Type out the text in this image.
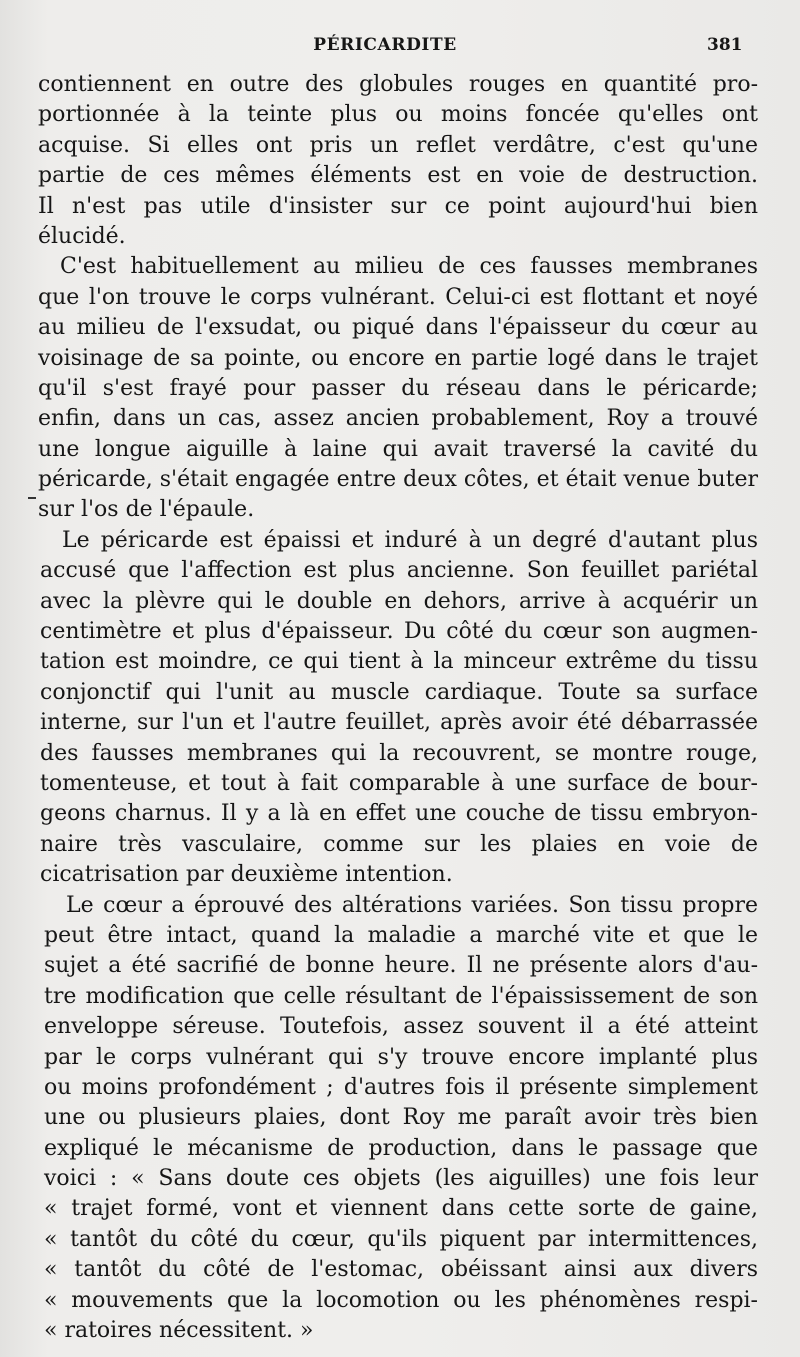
PÉRICARDITE	381
contiennent en outre des globules rouges en quantité pro-
portionnée à la teinte plus ou moins foncée qu'elles ont
acquise. Si elles ont pris un reflet verdâtre, c'est qu'une
partie de ces mêmes éléments est en voie de destruction.
Il n'est pas utile d'insister sur ce point aujourd'hui bien
élucidé.
C'est habituellement au milieu de ces fausses membranes
que l'on trouve le corps vulnérant. Celui-ci est flottant et noyé
au milieu de l'exsudat, ou piqué dans l'épaisseur du cœur au
voisinage de sa pointe, ou encore en partie logé dans le trajet
qu'il s'est frayé pour passer du réseau dans le péricarde;
enfin, dans un cas, assez ancien probablement, Roy a trouvé
une longue aiguille à laine qui avait traversé la cavité du
péricarde, s'était engagée entre deux côtes, et était venue buter
sur l'os de l'épaule.
Le péricarde est épaissi et induré à un degré d'autant plus
accusé que l'affection est plus ancienne. Son feuillet pariétal
avec la plèvre qui le double en dehors, arrive à acquérir un
centimètre et plus d'épaisseur. Du côté du cœur son augmen-
tation est moindre, ce qui tient à la minceur extrême du tissu
conjonctif qui l'unit au muscle cardiaque. Toute sa surface
interne, sur l'un et l'autre feuillet, après avoir été débarrassée
des fausses membranes qui la recouvrent, se montre rouge,
tomenteuse, et tout à fait comparable à une surface de bour-
geons charnus. Il y a là en effet une couche de tissu embryon-
naire très vasculaire, comme sur les plaies en voie de
cicatrisation par deuxième intention.
Le cœur a éprouvé des altérations variées. Son tissu propre
peut être intact, quand la maladie a marché vite et que le
sujet a été sacrifié de bonne heure. Il ne présente alors d'au-
tre modification que celle résultant de l'épaississement de son
enveloppe séreuse. Toutefois, assez souvent il a été atteint
par le corps vulnérant qui s'y trouve encore implanté plus
ou moins profondément ; d'autres fois il présente simplement
une ou plusieurs plaies, dont Roy me paraît avoir très bien
expliqué le mécanisme de production, dans le passage que
voici : « Sans doute ces objets (les aiguilles) une fois leur
« trajet formé, vont et viennent dans cette sorte de gaine,
« tantôt du côté du cœur, qu'ils piquent par intermittences,
« tantôt du côté de l'estomac, obéissant ainsi aux divers
« mouvements que la locomotion ou les phénomènes respi-
« ratoires nécessitent. »
